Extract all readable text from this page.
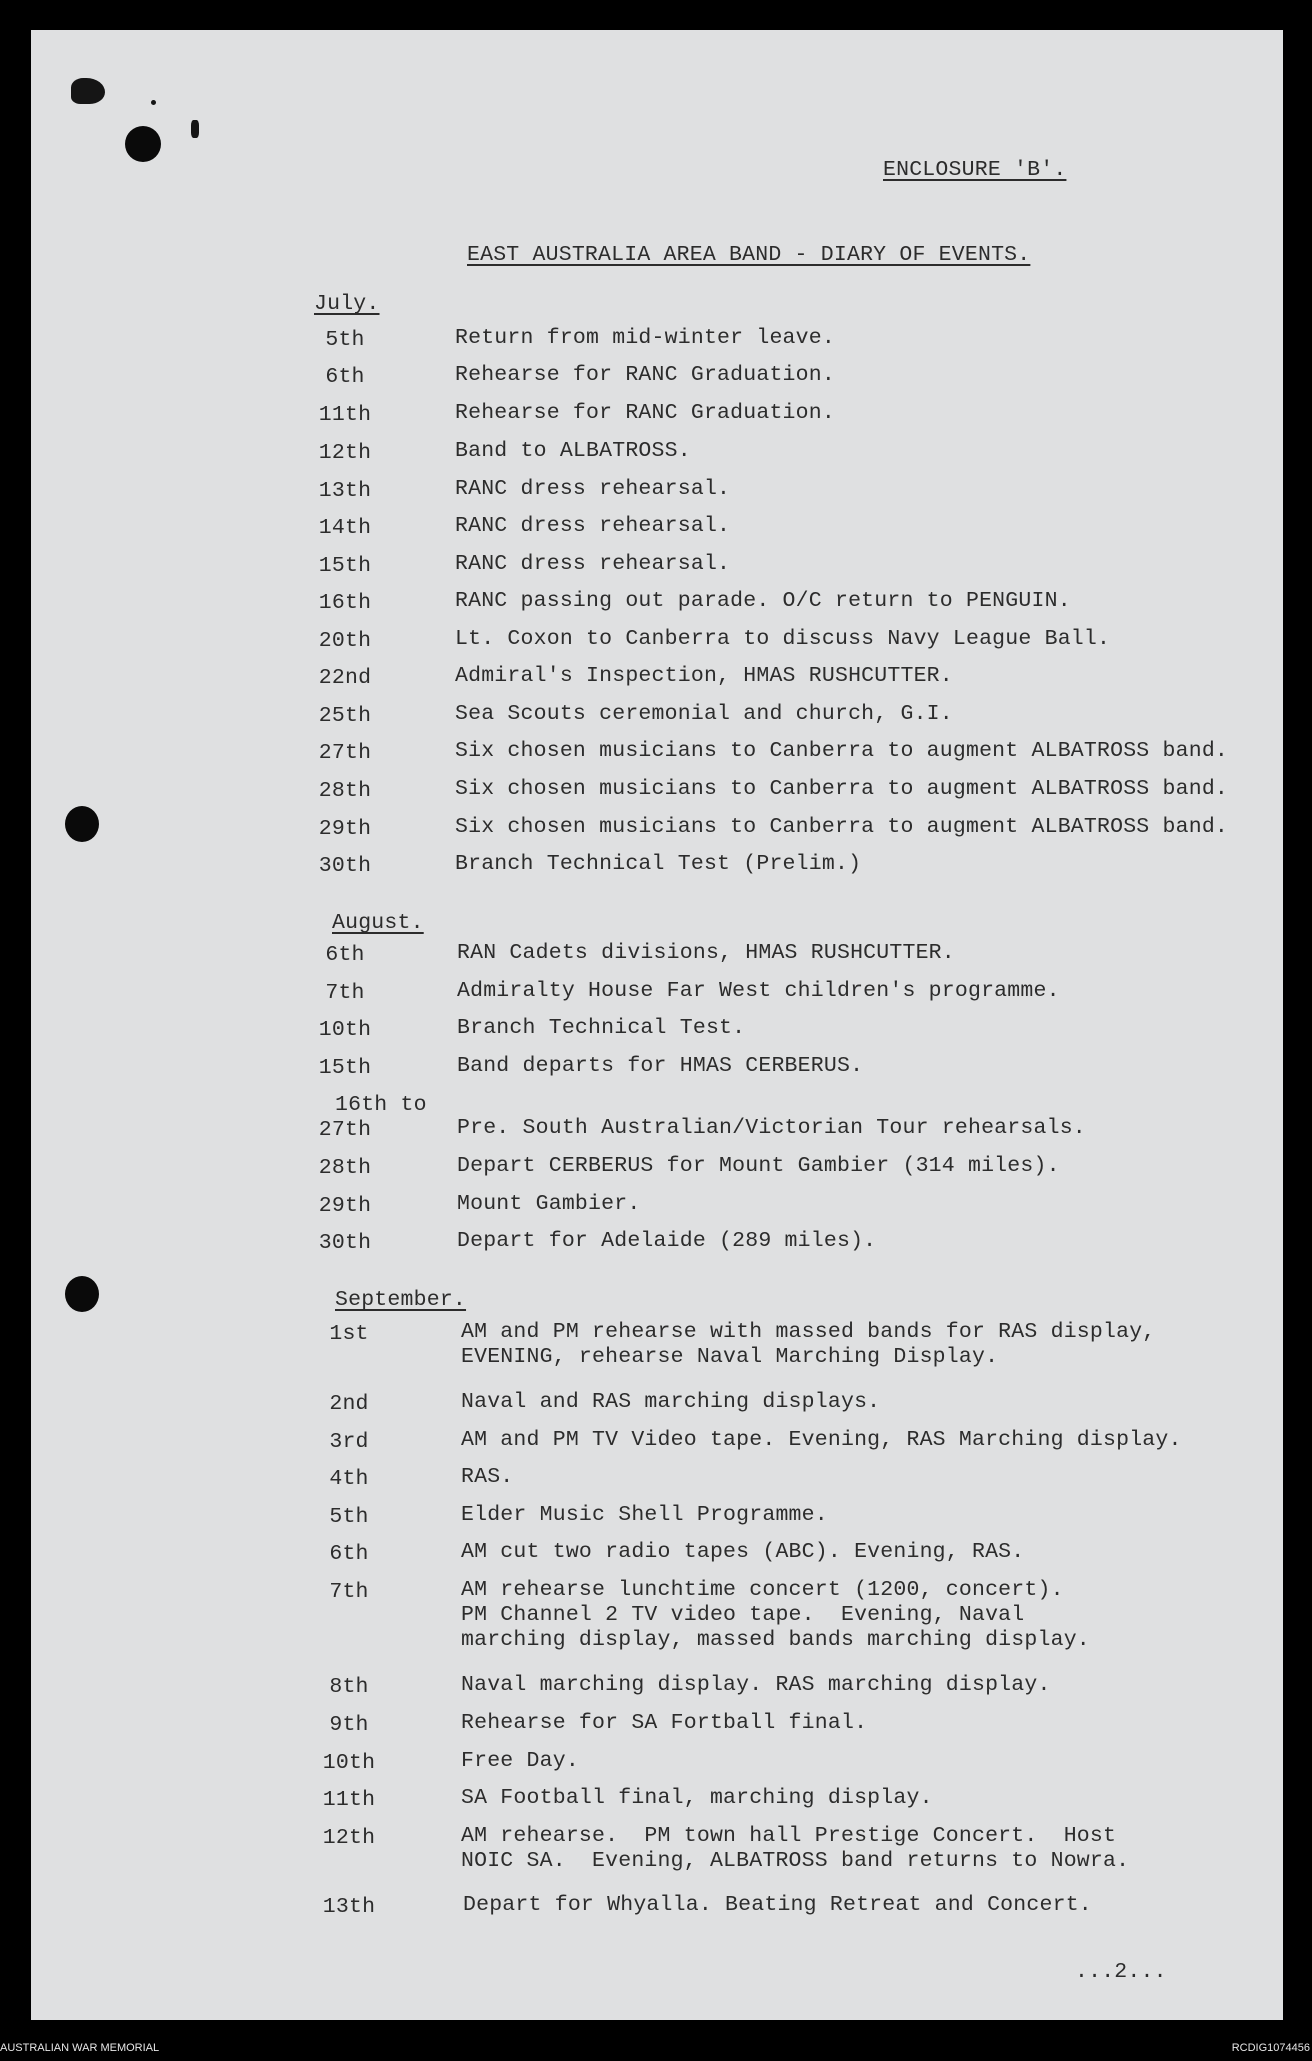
ENCLOSURE 'B'.
EAST AUSTRALIA AREA BAND - DIARY OF EVENTS.
July.
5th	Return from mid-winter leave.
6th	Rehearse for RANC Graduation.
11th	Rehearse for RANC Graduation.
12th	Band to ALBATROSS.
13th	RANC dress rehearsal.
14th	RANC dress rehearsal.
15th	RANC dress rehearsal.
16th	RANC passing out parade. O/C return to PENGUIN.
20th	Lt. Coxon to Canberra to discuss Navy League Ball.
22nd	Admiral's Inspection, HMAS RUSHCUTTER.
25th	Sea Scouts ceremonial and church, G.I.
27th	Six chosen musicians to Canberra to augment ALBATROSS band.
28th	Six chosen musicians to Canberra to augment ALBATROSS band.
29th	Six chosen musicians to Canberra to augment ALBATROSS band.
30th	Branch Technical Test (Prelim.)
August.
6th	RAN Cadets divisions, HMAS RUSHCUTTER.
7th	Admiralty House Far West children's programme.
10th	Branch Technical Test.
15th	Band departs for HMAS CERBERUS.
16th to
27th	Pre. South Australian/Victorian Tour rehearsals.
28th	Depart CERBERUS for Mount Gambier (314 miles).
29th	Mount Gambier.
30th	Depart for Adelaide (289 miles).
September.
1st	AM and PM rehearse with massed bands for RAS display,
EVENING, rehearse Naval Marching Display.
2nd	Naval and RAS marching displays.
3rd	AM and PM TV Video tape. Evening, RAS Marching display.
4th	RAS.
5th	Elder Music Shell Programme.
6th	AM cut two radio tapes (ABC). Evening, RAS.
7th	AM rehearse lunchtime concert (1200, concert).
PM Channel 2 TV video tape.  Evening, Naval
marching display, massed bands marching display.
8th	Naval marching display. RAS marching display.
9th	Rehearse for SA Fortball final.
10th	Free Day.
11th	SA Football final, marching display.
12th	AM rehearse.  PM town hall Prestige Concert.  Host
NOIC SA.  Evening, ALBATROSS band returns to Nowra.
13th	Depart for Whyalla. Beating Retreat and Concert.
...2...
AUSTRALIAN WAR MEMORIAL	RCDIG1074456
